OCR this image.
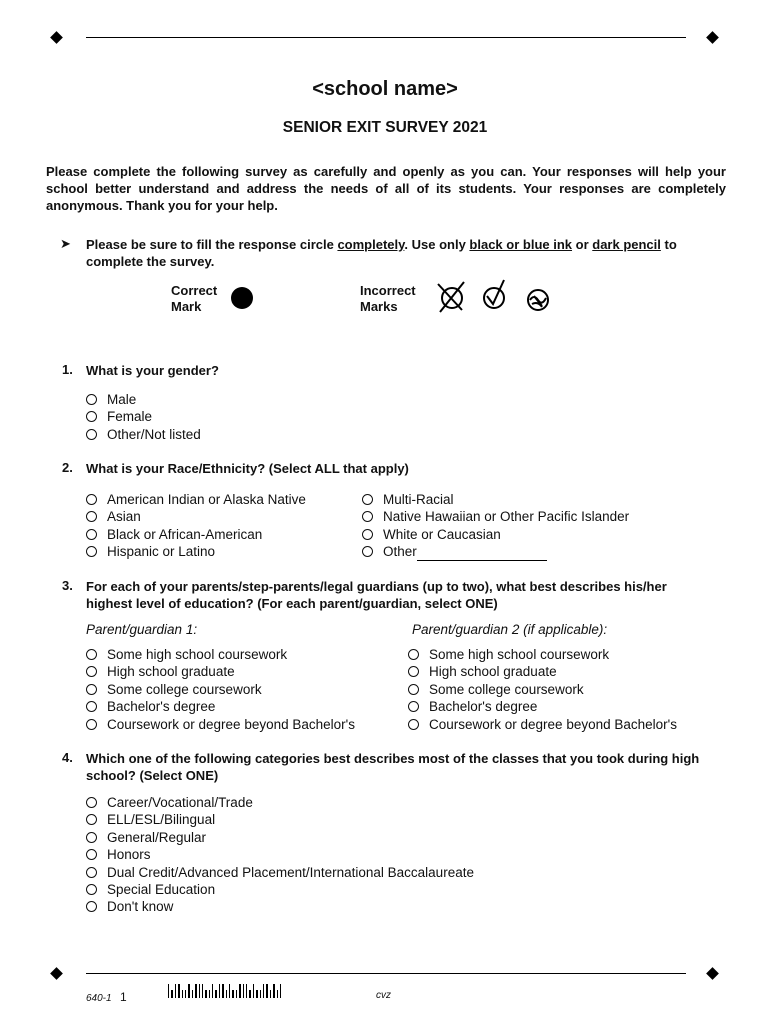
<school name>
SENIOR EXIT SURVEY 2021
Please complete the following survey as carefully and openly as you can. Your responses will help your school better understand and address the needs of all of its students. Your responses are completely anonymous. Thank you for your help.
➤ Please be sure to fill the response circle completely. Use only black or blue ink or dark pencil to complete the survey.
Correct
Mark
Incorrect
Marks
1. What is your gender?
Male
Female
Other/Not listed
2. What is your Race/Ethnicity? (Select ALL that apply)
American Indian or Alaska Native
Asian
Black or African-American
Hispanic or Latino
Multi-Racial
Native Hawaiian or Other Pacific Islander
White or Caucasian
Other
3. For each of your parents/step-parents/legal guardians (up to two), what best describes his/her highest level of education? (For each parent/guardian, select ONE)
Parent/guardian 1:	Parent/guardian 2 (if applicable):
Some high school coursework
High school graduate
Some college coursework
Bachelor's degree
Coursework or degree beyond Bachelor's
Some high school coursework
High school graduate
Some college coursework
Bachelor's degree
Coursework or degree beyond Bachelor's
4. Which one of the following categories best describes most of the classes that you took during high school? (Select ONE)
Career/Vocational/Trade
ELL/ESL/Bilingual
General/Regular
Honors
Dual Credit/Advanced Placement/International Baccalaureate
Special Education
Don't know
640-1 1	cvz
